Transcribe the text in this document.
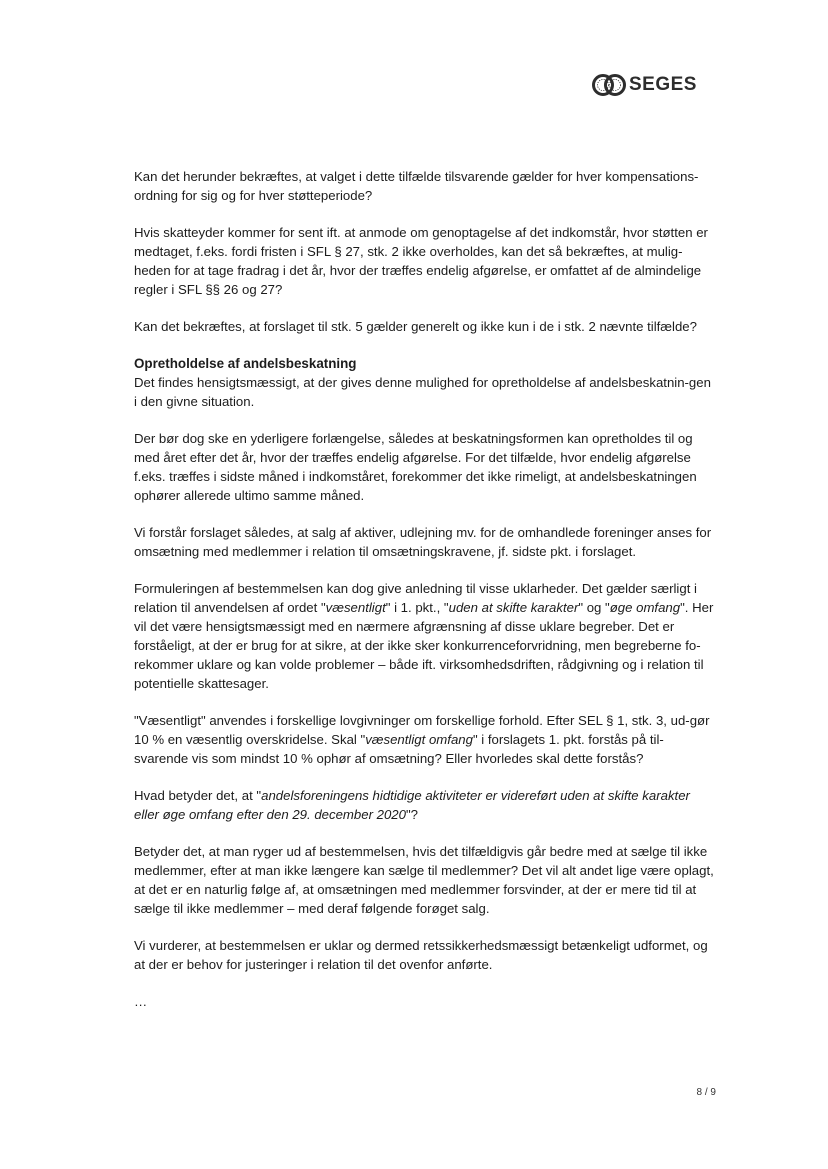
SEGES

Kan det herunder bekræftes, at valget i dette tilfælde tilsvarende gælder for hver kompensations-ordning for sig og for hver støtteperiode?

Hvis skatteyder kommer for sent ift. at anmode om genoptagelse af det indkomstår, hvor støtten er medtaget, f.eks. fordi fristen i SFL § 27, stk. 2 ikke overholdes, kan det så bekræftes, at mulig-heden for at tage fradrag i det år, hvor der træffes endelig afgørelse, er omfattet af de almindelige regler i SFL §§ 26 og 27?

Kan det bekræftes, at forslaget til stk. 5 gælder generelt og ikke kun i de i stk. 2 nævnte tilfælde?

Opretholdelse af andelsbeskatning

Det findes hensigtsmæssigt, at der gives denne mulighed for opretholdelse af andelsbeskatnin-gen i den givne situation.

Der bør dog ske en yderligere forlængelse, således at beskatningsformen kan opretholdes til og med året efter det år, hvor der træffes endelig afgørelse. For det tilfælde, hvor endelig afgørelse f.eks. træffes i sidste måned i indkomståret, forekommer det ikke rimeligt, at andelsbeskatningen ophører allerede ultimo samme måned.

Vi forstår forslaget således, at salg af aktiver, udlejning mv. for de omhandlede foreninger anses for omsætning med medlemmer i relation til omsætningskravene, jf. sidste pkt. i forslaget.

Formuleringen af bestemmelsen kan dog give anledning til visse uklarheder. Det gælder særligt i relation til anvendelsen af ordet "væsentligt" i 1. pkt., "uden at skifte karakter" og "øge omfang". Her vil det være hensigtsmæssigt med en nærmere afgrænsning af disse uklare begreber. Det er forståeligt, at der er brug for at sikre, at der ikke sker konkurrenceforvridning, men begreberne fo-rekommer uklare og kan volde problemer – både ift. virksomhedsdriften, rådgivning og i relation til potentielle skattesager.

"Væsentligt" anvendes i forskellige lovgivninger om forskellige forhold. Efter SEL § 1, stk. 3, ud-gør 10 % en væsentlig overskridelse. Skal "væsentligt omfang" i forslagets 1. pkt. forstås på til-svarende vis som mindst 10 % ophør af omsætning? Eller hvorledes skal dette forstås?

Hvad betyder det, at "andelsforeningens hidtidige aktiviteter er videreført uden at skifte karakter eller øge omfang efter den 29. december 2020"?

Betyder det, at man ryger ud af bestemmelsen, hvis det tilfældigvis går bedre med at sælge til ikke medlemmer, efter at man ikke længere kan sælge til medlemmer? Det vil alt andet lige være oplagt, at det er en naturlig følge af, at omsætningen med medlemmer forsvinder, at der er mere tid til at sælge til ikke medlemmer – med deraf følgende forøget salg.

Vi vurderer, at bestemmelsen er uklar og dermed retssikkerhedsmæssigt betænkeligt udformet, og at der er behov for justeringer i relation til det ovenfor anførte.

…

8 / 9
